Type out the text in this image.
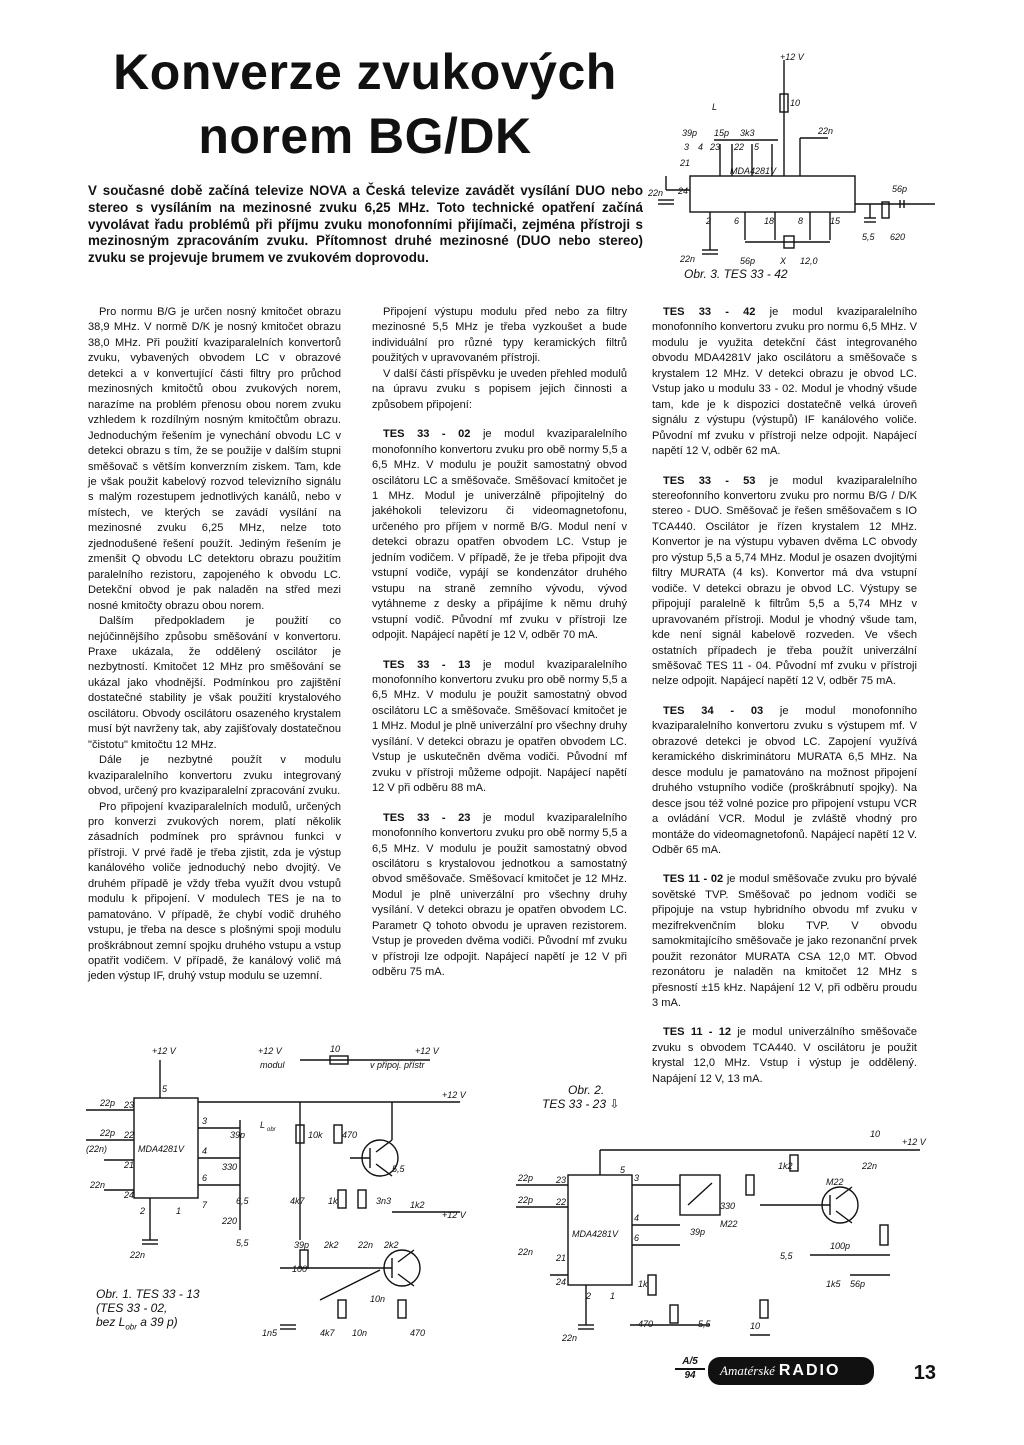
Konverze zvukových
norem BG/DK
V současné době začíná televize NOVA a Česká televize zavádět vysílání DUO nebo stereo s vysíláním na mezinosné zvuku 6,25 MHz. Toto technické opatření začíná vyvolávat řadu problémů při příjmu zvuku monofonními přijímači, zejména přístroji s mezinosným zpracováním zvuku. Přítomnost druhé mezinosné (DUO nebo stereo) zvuku se projevuje brumem ve zvukovém doprovodu.
+12 V
10
39p
L
15p 3k3	22n
3 4 23 22 5
21
22n 24
MDA4281V
2	6	18	8	15
22n
56p
X 12,0
56p
5,5 620
Obr. 3. TES 33 - 42

Pro normu B/G je určen nosný kmitočet obrazu 38,9 MHz. V normě D/K je nosný kmitočet obrazu 38,0 MHz. Při použití kvaziparalelních konvertorů zvuku, vybavených obvodem LC v obrazové detekci a v konvertující části filtry pro průchod mezinosných kmitočtů obou zvukových norem, narazíme na problém přenosu obou norem zvuku vzhledem k rozdílným nosným kmitočtům obrazu. Jednoduchým řešením je vynechání obvodu LC v detekci obrazu s tím, že se použije v dalším stupni směšovač s větším konverzním ziskem. Tam, kde je však použit kabelový rozvod televizního signálu s malým rozestupem jednotlivých kanálů, nebo v místech, ve kterých se zavádí vysílání na mezinosné zvuku 6,25 MHz, nelze toto zjednodušené řešení použít. Jediným řešením je zmenšit Q obvodu LC detektoru obrazu použitím paralelního rezistoru, zapojeného k obvodu LC. Detekční obvod je pak naladěn na střed mezi nosné kmitočty obrazu obou norem.

Dalším předpokladem je použití co nejúčinnějšího způsobu směšování v konvertoru. Praxe ukázala, že oddělený oscilátor je nezbytností. Kmitočet 12 MHz pro směšování se ukázal jako vhodnější. Podmínkou pro zajištění dostatečné stability je však použití krystalového oscilátoru. Obvody oscilátoru osazeného krystalem musí být navrženy tak, aby zajišťovaly dostatečnou "čistotu" kmitočtu 12 MHz.

Dále je nezbytné použít v modulu kvaziparalelního konvertoru zvuku integrovaný obvod, určený pro kvaziparalelní zpracování zvuku.

Pro připojení kvaziparalelních modulů, určených pro konverzi zvukových norem, platí několik zásadních podmínek pro správnou funkci v přístroji. V prvé řadě je třeba zjistit, zda je výstup kanálového voliče jednoduchý nebo dvojitý. Ve druhém případě je vždy třeba využít dvou vstupů modulu k připojení. V modulech TES je na to pamatováno. V případě, že chybí vodič druhého vstupu, je třeba na desce s plošnými spoji modulu proškrábnout zemní spojku druhého vstupu a vstup opatřit vodičem. V případě, že kanálový volič má jeden výstup IF, druhý vstup modulu se uzemní.

Připojení výstupu modulu před nebo za filtry mezinosné 5,5 MHz je třeba vyzkoušet a bude individuální pro různé typy keramických filtrů použitých v upravovaném přístroji.

V další části příspěvku je uveden přehled modulů na úpravu zvuku s popisem jejich činnosti a způsobem připojení:

TES 33 - 02 je modul kvaziparalelního monofonního konvertoru zvuku pro obě normy 5,5 a 6,5 MHz. V modulu je použit samostatný obvod oscilátoru LC a směšovače. Směšovací kmitočet je 1 MHz. Modul je univerzálně připojitelný do jakéhokoli televizoru či videomagnetofonu, určeného pro příjem v normě B/G. Modul není v detekci obrazu opatřen obvodem LC. Vstup je jedním vodičem. V případě, že je třeba připojit dva vstupní vodiče, vypájí se kondenzátor druhého vstupu na straně zemního vývodu, vývod vytáhneme z desky a připájíme k němu druhý vstupní vodič. Původní mf zvuku v přístroji lze odpojit. Napájecí napětí je 12 V, odběr 70 mA.

TES 33 - 13 je modul kvaziparalelního monofonního konvertoru zvuku pro obě normy 5,5 a 6,5 MHz. V modulu je použit samostatný obvod oscilátoru LC a směšovače. Směšovací kmitočet je 1 MHz. Modul je plně univerzální pro všechny druhy vysílání. V detekci obrazu je opatřen obvodem LC. Vstup je uskutečněn dvěma vodiči. Původní mf zvuku v přístroji můžeme odpojit. Napájecí napětí 12 V při odběru 88 mA.

TES 33 - 23 je modul kvaziparalelního monofonního konvertoru zvuku pro obě normy 5,5 a 6,5 MHz. V modulu je použit samostatný obvod oscilátoru s krystalovou jednotkou a samostatný obvod směšovače. Směšovací kmitočet je 12 MHz. Modul je plně univerzální pro všechny druhy vysílání. V detekci obrazu je opatřen obvodem LC. Parametr Q tohoto obvodu je upraven rezistorem. Vstup je proveden dvěma vodiči. Původní mf zvuku v přístroji lze odpojit. Napájecí napětí je 12 V při odběru 75 mA.

TES 33 - 42 je modul kvaziparalelního monofonního konvertoru zvuku pro normu 6,5 MHz. V modulu je využita detekční část integrovaného obvodu MDA4281V jako oscilátoru a směšovače s krystalem 12 MHz. V detekci obrazu je obvod LC. Vstup jako u modulu 33 - 02. Modul je vhodný všude tam, kde je k dispozici dostatečně velká úroveň signálu z výstupu (výstupů) IF kanálového voliče. Původní mf zvuku v přístroji nelze odpojit. Napájecí napětí 12 V, odběr 62 mA.

TES 33 - 53 je modul kvaziparalelního stereofonního konvertoru zvuku pro normu B/G / D/K stereo - DUO. Směšovač je řešen směšovačem s IO TCA440. Oscilátor je řízen krystalem 12 MHz. Konvertor je na výstupu vybaven dvěma LC obvody pro výstup 5,5 a 5,74 MHz. Modul je osazen dvojitými filtry MURATA (4 ks). Konvertor má dva vstupní vodiče. V detekci obrazu je obvod LC. Výstupy se připojují paralelně k filtrům 5,5 a 5,74 MHz v upravovaném přístroji. Modul je vhodný všude tam, kde není signál kabelově rozveden. Ve všech ostatních případech je třeba použít univerzální směšovač TES 11 - 04. Původní mf zvuku v přístroji nelze odpojit. Napájecí napětí 12 V, odběr 75 mA.

TES 34 - 03 je modul monofonního kvaziparalelního konvertoru zvuku s výstupem mf. V obrazové detekci je obvod LC. Zapojení využívá keramického diskriminátoru MURATA 6,5 MHz. Na desce modulu je pamatováno na možnost připojení druhého vstupního vodiče (proškrábnutí spojky). Na desce jsou též volné pozice pro připojení vstupu VCR a ovládání VCR. Modul je zvláště vhodný pro montáže do videomagnetofonů. Napájecí napětí 12 V. Odběr 65 mA.

TES 11 - 02 je modul směšovače zvuku pro bývalé sovětské TVP. Směšovač po jednom vodiči se připojuje na vstup hybridního obvodu mf zvuku v mezifrekvenčním bloku TVP. V obvodu samokmitajícího směšovače je jako rezonanční prvek použit rezonátor MURATA CSA 12,0 MT. Obvod rezonátoru je naladěn na kmitočet 12 MHz s přesností ±15 kHz. Napájení 12 V, při odběru proudu 3 mA.

TES 11 - 12 je modul univerzálního směšovače zvuku s obvodem TCA440. V oscilátoru je použit krystal 12,0 MHz. Vstup i výstup je oddělený. Napájení 12 V, 13 mA.

+12 V	+12 V
modul
10	+12 V
v připoj. přístr
+12 V
5
22p 23
22p 22
(22n)	MDA4281V
21
22n
24
2	1
22n
3
4
6
7
39p
L obr	10k 470
330	5,5
6,5	4k7	1k	3n3 1k2
+12 V
220
5,5	39p 2k2 22n 2k2
100
10n
1n5	4k7 10n	470
Obr. 1. TES 33 - 13
(TES 33 - 02,
bez $L_{obr}$ a 39 p)
Obr. 2.
TES 33 - 23 ⇩
10
+12 V
5	1k2	22n
22p	23	3
22p	22
4
39p
330
M22
M22
MDA4281V
22n
21
24
6
2 1
22n
1k
470	5,5
100p
5,5
1k5 56p
10
A/5
94	Amatérské RADIO	13
